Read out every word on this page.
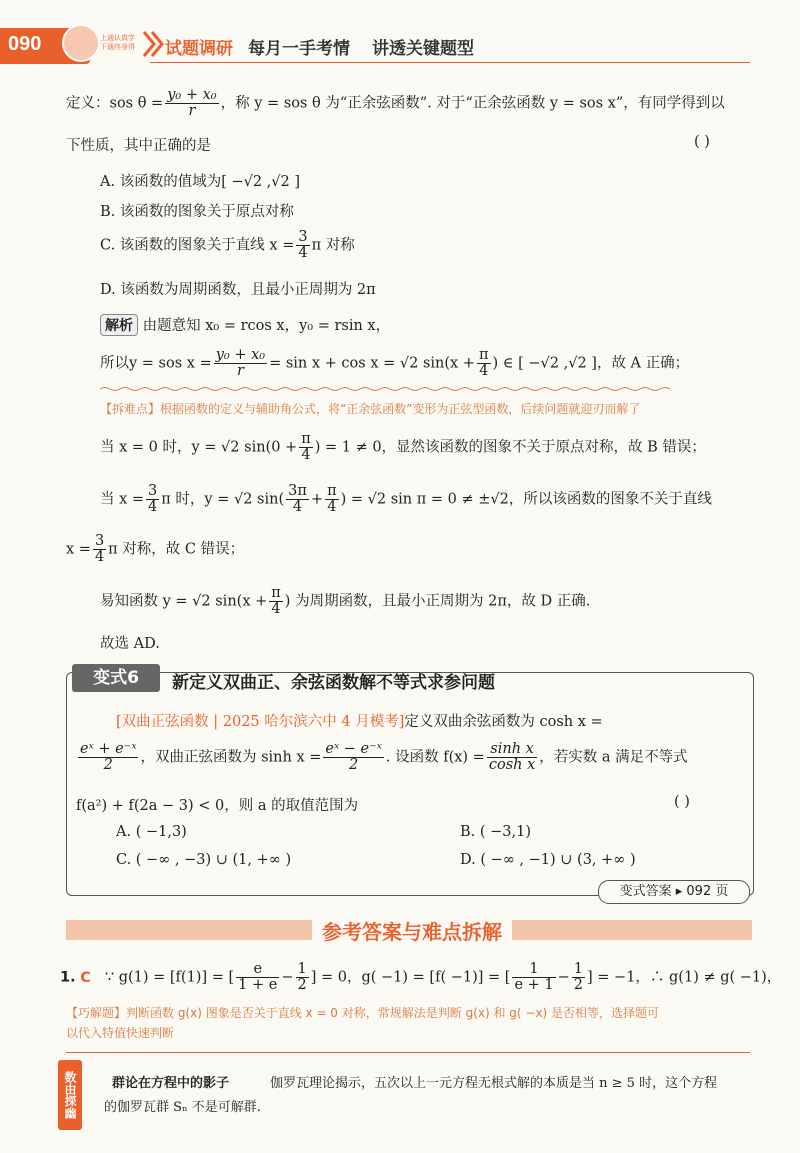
090	上通认真学 下通终身得 试题调研 每月一手考情 讲透关键题型
定义：sos $\theta = \frac{\text{y₀ + x₀}}{r}$ ，称 y = sos θ 为“正余弦函数”. 对于“正余弦函数 y = sos x”，有同学得到以
下性质，其中正确的是	( )
A. 该函数的值域为[ −√2 ,√2 ]
B. 该函数的图象关于原点对称
C. 该函数的图象关于直线 $x = \frac{3}{4}$ π 对称
D. 该函数为周期函数，且最小正周期为 2π
解析 由题意知 x₀ = rcos x，y₀ = rsin x，
所以y = sos $x = \frac{\text{y₀ + x₀}}{r} = \sin x + \cos x = √2$ $\sin(x + \frac{\pi}{4}$ ) ∈ [ −√2 ,√2 ]，故 A 正确；
【拆难点】根据函数的定义与辅助角公式，将“正余弦函数”变形为正弦型函数，后续问题就迎刃而解了
当 x = 0 时，y = √2 $\sin(0 + \frac{\pi}{4}$ ) = 1 ≠ 0，显然该函数的图象不关于原点对称，故 B 错误；
当 $x = \frac{3}{4}$ π 时，y = √2 $\sin( \frac{3\pi}{4} + \frac{\pi}{4}$ ) = √2 sin π = 0 ≠ ±√2，所以该函数的图象不关于直线
$x = \frac{3}{4}$ π 对称，故 C 错误；
易知函数 y = √2 $\sin(x + \frac{\pi}{4}$ ) 为周期函数，且最小正周期为 2π，故 D 正确.
故选 AD.
变式6	新定义双曲正、余弦函数解不等式求参问题
[双曲正弦函数 | 2025 哈尔滨六中 4 月模考]定义双曲余弦函数为 cosh x =
$\frac{\text{eˣ + e⁻ˣ}}{2}$ ，双曲正弦函数为 $\sinh x = \frac{\text{eˣ − e⁻ˣ}}{2}$ . 设函数 $f(x) = \frac{\text{sinh x}}{\text{cosh x}}$ ，若实数 a 满足不等式
f(a²) + f(2a − 3) < 0，则 a 的取值范围为	( )
A. ( −1,3)	B. ( −3,1)
C. ( −∞ , −3) ∪ (1, +∞ )	D. ( −∞ , −1) ∪ (3, +∞ )
变式答案 ▸ 092 页
参考答案与难点拆解
1. C ∵ g(1) = [f(1)] = [ $\frac{e}{1 + e} - \frac{1}{2}$ ] = 0，g( −1) = [f( −1)] = [ $\frac{1}{e + 1} - \frac{1}{2}$ ] = −1，∴ g(1) ≠ g( −1)，
【巧解题】判断函数 g(x) 图象是否关于直线 x = 0 对称，常规解法是判断 g(x) 和 g( −x) 是否相等，选择题可
以代入特值快速判断
数由探幽	群论在方程中的影子	伽罗瓦理论揭示，五次以上一元方程无根式解的本质是当 n ≥ 5 时，这个方程
的伽罗瓦群 Sₙ 不是可解群.
